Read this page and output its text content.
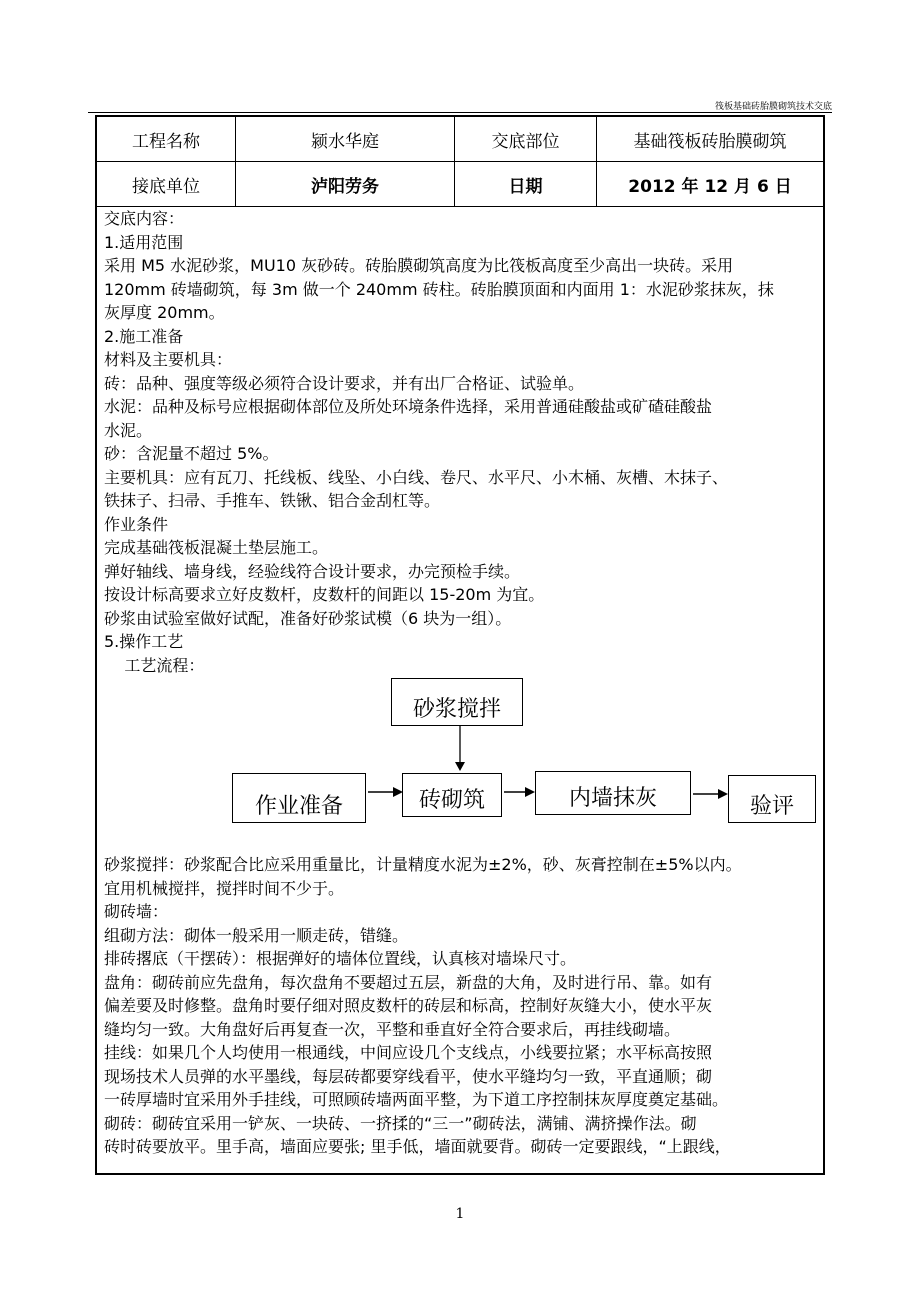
筏板基础砖胎膜砌筑技术交底
工程名称	颍水华庭	交底部位	基础筏板砖胎膜砌筑
接底单位	泸阳劳务	日期	2012 年 12 月 6 日

交底内容：

1.适用范围

采用 M5 水泥砂浆，MU10 灰砂砖。砖胎膜砌筑高度为比筏板高度至少高出一块砖。采用

120mm 砖墙砌筑，每 3m 做一个 240mm 砖柱。砖胎膜顶面和内面用 1：水泥砂浆抹灰，抹

灰厚度 20mm。

2.施工准备

材料及主要机具：

砖：品种、强度等级必须符合设计要求，并有出厂合格证、试验单。

水泥：品种及标号应根据砌体部位及所处环境条件选择，采用普通硅酸盐或矿碴硅酸盐

水泥。

砂：含泥量不超过 5%。

主要机具：应有瓦刀、托线板、线坠、小白线、卷尺、水平尺、小木桶、灰槽、木抹子、

铁抹子、扫帚、手推车、铁锹、铝合金刮杠等。

作业条件

完成基础筏板混凝土垫层施工。

弹好轴线、墙身线，经验线符合设计要求，办完预检手续。

按设计标高要求立好皮数杆，皮数杆的间距以 15-20m 为宜。

砂浆由试验室做好试配，准备好砂浆试模（6 块为一组）。

5.操作工艺

工艺流程：

砂浆搅拌
作业准备	砖砌筑	内墙抹灰	验评

砂浆搅拌：砂浆配合比应采用重量比，计量精度水泥为±2%，砂、灰膏控制在±5%以内。

宜用机械搅拌，搅拌时间不少于。

砌砖墙：

组砌方法：砌体一般采用一顺走砖，错缝。

排砖撂底（干摆砖）：根据弹好的墙体位置线，认真核对墙垛尺寸。

盘角：砌砖前应先盘角，每次盘角不要超过五层，新盘的大角，及时进行吊、靠。如有

偏差要及时修整。盘角时要仔细对照皮数杆的砖层和标高，控制好灰缝大小，使水平灰

缝均匀一致。大角盘好后再复查一次，平整和垂直好全符合要求后，再挂线砌墙。

挂线：如果几个人均使用一根通线，中间应设几个支线点，小线要拉紧；水平标高按照

现场技术人员弹的水平墨线，每层砖都要穿线看平，使水平缝均匀一致，平直通顺；砌

一砖厚墙时宜采用外手挂线，可照顾砖墙两面平整，为下道工序控制抹灰厚度奠定基础。

砌砖：砌砖宜采用一铲灰、一块砖、一挤揉的“三一”砌砖法，满铺、满挤操作法。砌

砖时砖要放平。里手高，墙面应要张; 里手低，墙面就要背。砌砖一定要跟线，“上跟线，

1
